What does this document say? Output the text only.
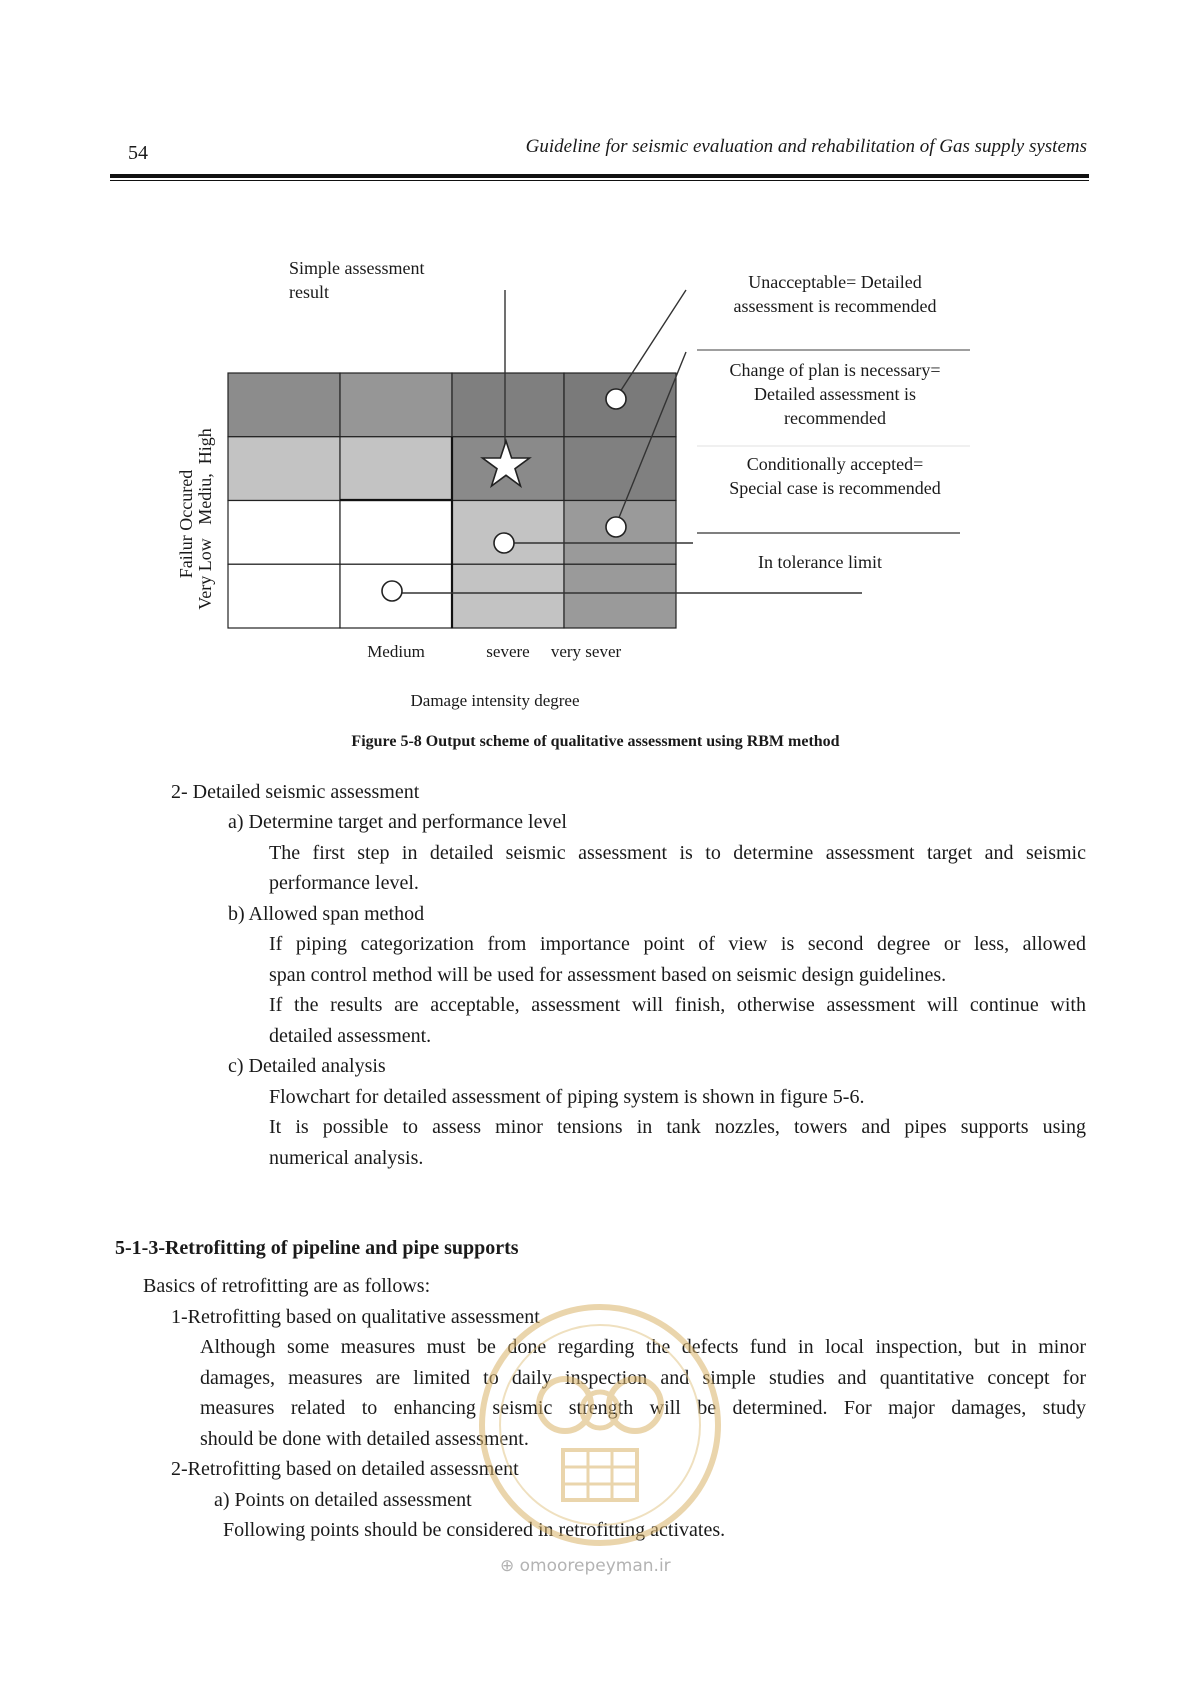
54	Guideline for seismic evaluation and rehabilitation of Gas supply systems
Simple assessment
result	Unacceptable= Detailed
assessment is recommended
Change of plan is necessary=
Detailed assessment is
recommended
Conditionally accepted=
Special case is recommended
In tolerance limit
Failur Occured Very Low   Mediu,  High
Medium	severe	very sever
Damage intensity degree
Figure 5-8 Output scheme of qualitative assessment using RBM method
2- Detailed seismic assessment
a) Determine target and performance level
The first step in detailed seismic assessment is to determine assessment target and seismic
performance level.
b) Allowed span method
If piping categorization from importance point of view is second degree or less, allowed
span control method will be used for assessment based on seismic design guidelines.
If the results are acceptable, assessment will finish, otherwise assessment will continue with
detailed assessment.
c) Detailed analysis
Flowchart for detailed assessment of piping system is shown in figure 5-6.
It is possible to assess minor tensions in tank nozzles, towers and pipes supports using
numerical analysis.
5-1-3-Retrofitting of pipeline and pipe supports
Basics of retrofitting are as follows:
1-Retrofitting based on qualitative assessment
Although some measures must be done regarding the defects fund in local inspection, but in minor
damages, measures are limited to daily inspection and simple studies and quantitative concept for
measures related to enhancing seismic strength will be determined. For major damages, study
should be done with detailed assessment.
2-Retrofitting based on detailed assessment
a) Points on detailed assessment
Following points should be considered in retrofitting activates.
⊕ omoorepeyman.ir
